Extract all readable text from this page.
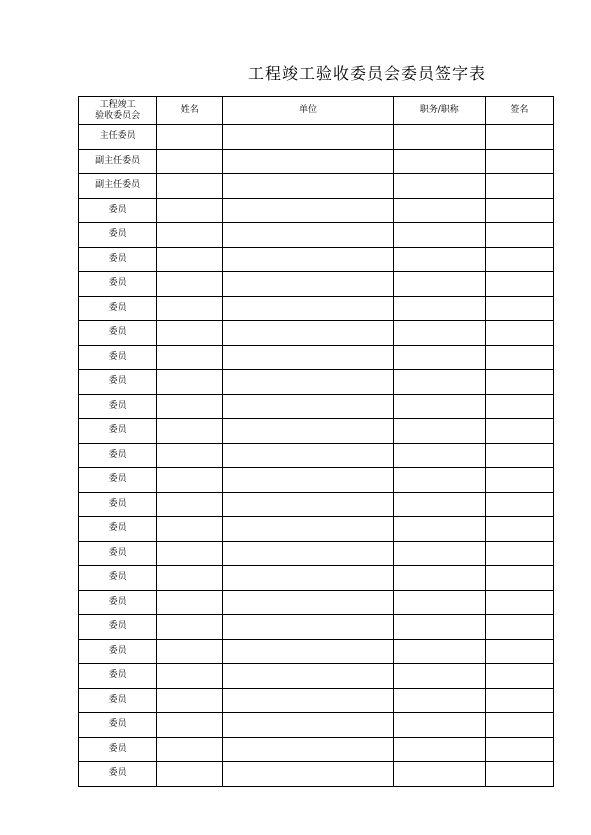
工程竣工验收委员会委员签字表
工程竣工
验收委员会	姓名	单位	职务/职称	签名
主任委员				
副主任委员				
副主任委员				
委员				
委员				
委员				
委员				
委员				
委员				
委员				
委员				
委员				
委员				
委员				
委员				
委员				
委员				
委员				
委员				
委员				
委员				
委员				
委员				
委员				
委员				
委员				
委员				
